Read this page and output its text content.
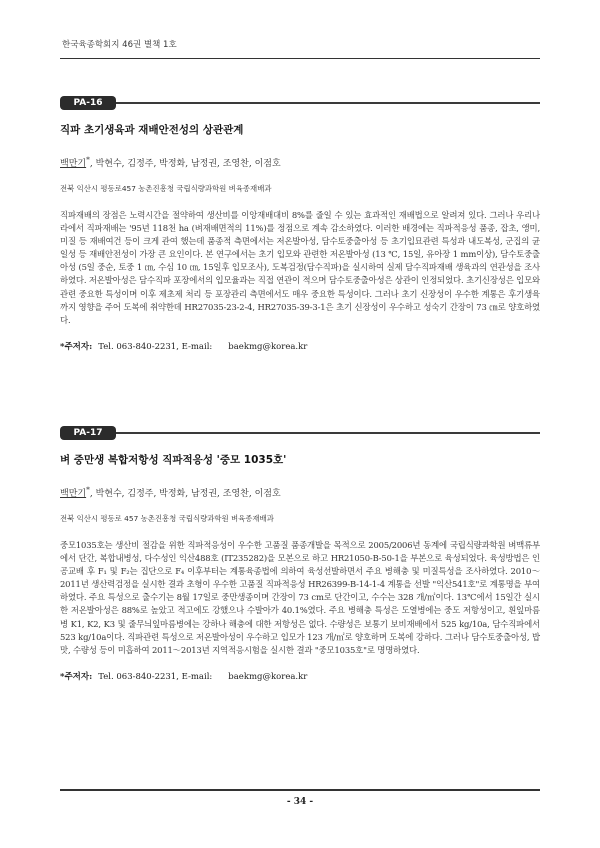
한국육종학회지 46권 별책 1호
PA-16
직파 초기생육과 재배안전성의 상관관계
백만기*, 박현수, 김정주, 박정화, 남정권, 조영찬, 이점호
전북 익산시 평동로457 농촌진흥청 국립식량과학원 벼육종재배과
직파재배의 장점은 노력시간을 절약하여 생산비를 이앙재배대비 8%를 줄일 수 있는 효과적인 재배법으로 알려져 있다. 그러나 우리나라에서 직파재배는 '95년 118천 ha (벼재배면적의 11%)를 정점으로 계속 감소하였다. 이러한 배경에는 직파적응성 품종, 잡초, 앵미, 미질 등 재배여건 등이 크게 관여 했는데 품종적 측면에서는 저온발아성, 담수토중출아성 등 초기입묘관련 특성과 내도복성, 군집의 균일성 등 재배안전성이 가장 큰 요인이다. 본 연구에서는 초기 입모와 관련한 저온발아성 (13 ℃, 15일, 유아장 1 mm이상), 담수토중출아성 (5일 중순, 토중 1 ㎝, 수심 10 ㎝, 15일후 입모조사), 도복검정(담수직파)을 실시하여 실제 담수직파재배 생육과의 연관성을 조사하였다. 저온발아성은 담수직파 포장에서의 입모율과는 직접 연관이 적으며 담수토중출아성은 상관이 인정되었다. 초기신장성은 입모와 관련 중요한 특성이며 이후 제초제 처리 등 포장관리 측면에서도 매우 중요한 특성이다. 그러나 초기 신장성이 우수한 계통은 후기생육까지 영향을 주어 도복에 취약한데 HR27035-23-2-4, HR27035-39-3-1은 초기 신장성이 우수하고 성숙기 간장이 73 ㎝로 양호하였다.
*주저자: Tel. 063-840-2231, E-mail: baekmg@korea.kr
PA-17
벼 중만생 복합저항성 직파적응성 '중모 1035호'
백만기*, 박현수, 김정주, 박정화, 남정권, 조영찬, 이점호
전북 익산시 평동로 457 농촌진흥청 국립식량과학원 벼육종재배과
중모1035호는 생산비 절감을 위한 직파적응성이 우수한 고품질 품종개발을 목적으로 2005/2006년 동계에 국립식량과학원 벼맥류부에서 단간, 복합내병성, 다수성인 익산488호 (IT235282)을 모본으로 하고 HR21050-B-50-1을 부본으로 육성되었다. 육성방법은 인공교배 후 F₁ 및 F₂는 집단으로 F₄ 이후부터는 계통육종법에 의하여 육성선발하면서 주요 병해충 및 미질특성을 조사하였다. 2010～2011년 생산력검정을 실시한 결과 초형이 우수한 고품질 직파적응성 HR26399-B-14-1-4 계통을 선발 "익산541호"로 계통명을 부여하였다. 주요 특성으로 출수기는 8월 17일로 중만생종이며 간장이 73 cm로 단간이고, 수수는 328 개/㎡이다. 13℃에서 15일간 실시한 저온발아성은 88%로 높았고 적고에도 강했으나 수발아가 40.1%였다. 주요 병해충 특성은 도열병에는 중도 저항성이고, 흰잎마름병 K1, K2, K3 및 줄무늬잎마름병에는 강하나 해충에 대한 저항성은 없다. 수량성은 보통기 보비재배에서 525 kg/10a, 담수직파에서 523 kg/10a이다. 직파관련 특성으로 저온발아성이 우수하고 입모가 123 개/㎡로 양호하며 도복에 강하다. 그러나 담수토중출아성, 밥맛, 수량성 등이 미흡하여 2011～2013년 지역적응시험을 실시한 결과 "중모1035호"로 명명하였다.
*주저자: Tel. 063-840-2231, E-mail: baekmg@korea.kr
- 34 -
